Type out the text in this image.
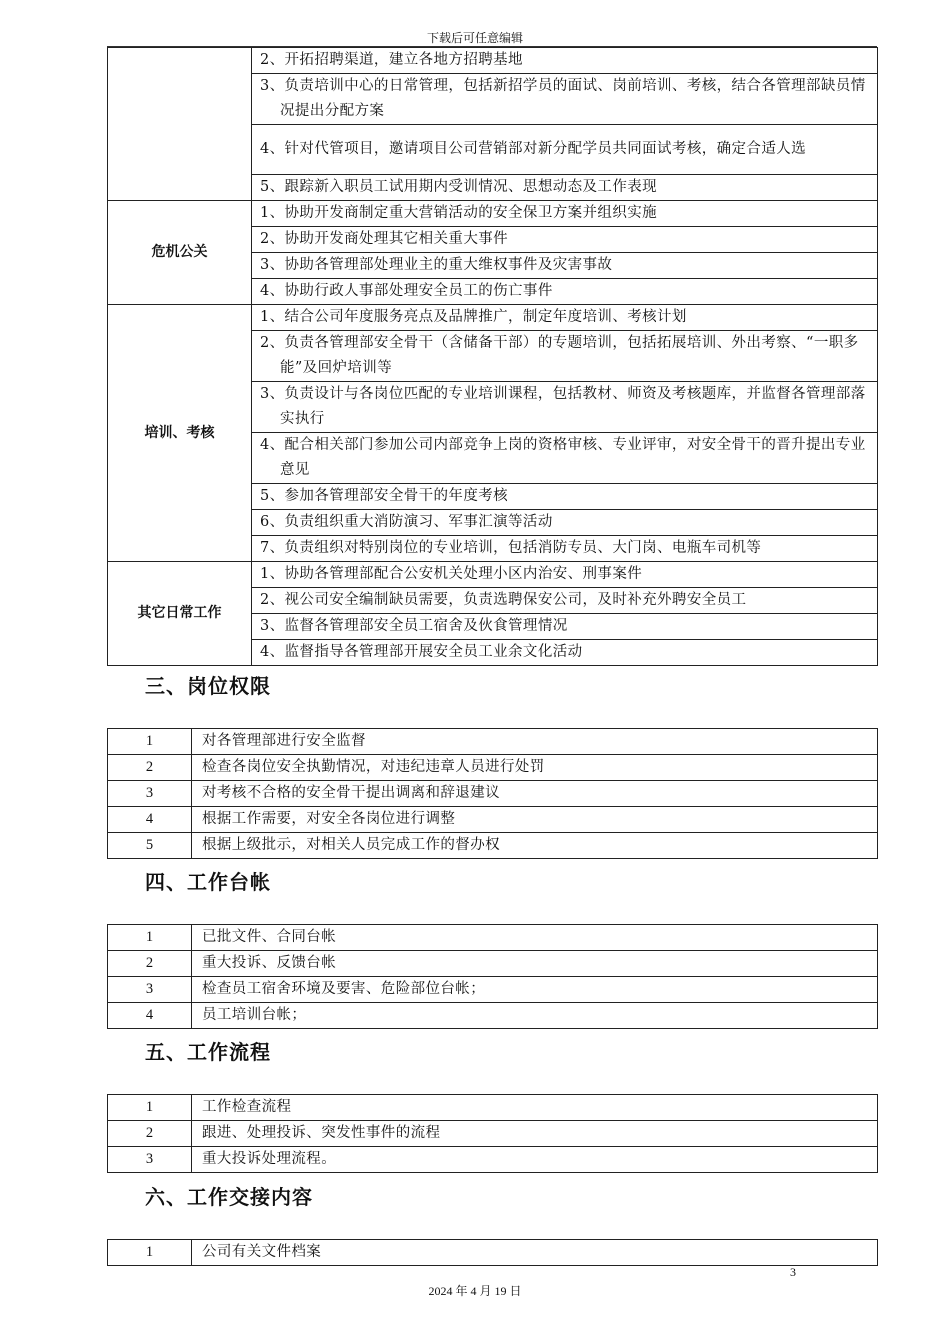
下载后可任意编辑

	2、开拓招聘渠道，建立各地方招聘基地

	3、负责培训中心的日常管理，包括新招学员的面试、岗前培训、考核，结合各管理部缺员情况提出分配方案

	4、针对代管项目，邀请项目公司营销部对新分配学员共同面试考核，确定合适人选

	5、跟踪新入职员工试用期内受训情况、思想动态及工作表现

危机公关	1、协助开发商制定重大营销活动的安全保卫方案并组织实施

	2、协助开发商处理其它相关重大事件

	3、协助各管理部处理业主的重大维权事件及灾害事故

	4、协助行政人事部处理安全员工的伤亡事件

培训、考核	1、结合公司年度服务亮点及品牌推广，制定年度培训、考核计划

	2、负责各管理部安全骨干（含储备干部）的专题培训，包括拓展培训、外出考察、“一职多能”及回炉培训等

	3、负责设计与各岗位匹配的专业培训课程，包括教材、师资及考核题库，并监督各管理部落实执行

	4、配合相关部门参加公司内部竞争上岗的资格审核、专业评审，对安全骨干的晋升提出专业意见

	5、参加各管理部安全骨干的年度考核

	6、负责组织重大消防演习、军事汇演等活动

	7、负责组织对特别岗位的专业培训，包括消防专员、大门岗、电瓶车司机等

其它日常工作	1、协助各管理部配合公安机关处理小区内治安、刑事案件

	2、视公司安全编制缺员需要，负责选聘保安公司，及时补充外聘安全员工

	3、监督各管理部安全员工宿舍及伙食管理情况

	4、监督指导各管理部开展安全员工业余文化活动
三、岗位权限
1	对各管理部进行安全监督
2	检查各岗位安全执勤情况，对违纪违章人员进行处罚
3	对考核不合格的安全骨干提出调离和辞退建议
4	根据工作需要，对安全各岗位进行调整
5	根据上级批示，对相关人员完成工作的督办权
四、工作台帐
1	已批文件、合同台帐
2	重大投诉、反馈台帐
3	检查员工宿舍环境及要害、危险部位台帐；
4	员工培训台帐；
五、工作流程
1	工作检查流程
2	跟进、处理投诉、突发性事件的流程
3	重大投诉处理流程。
六、工作交接内容
1	公司有关文件档案
3
2024 年 4 月 19 日
